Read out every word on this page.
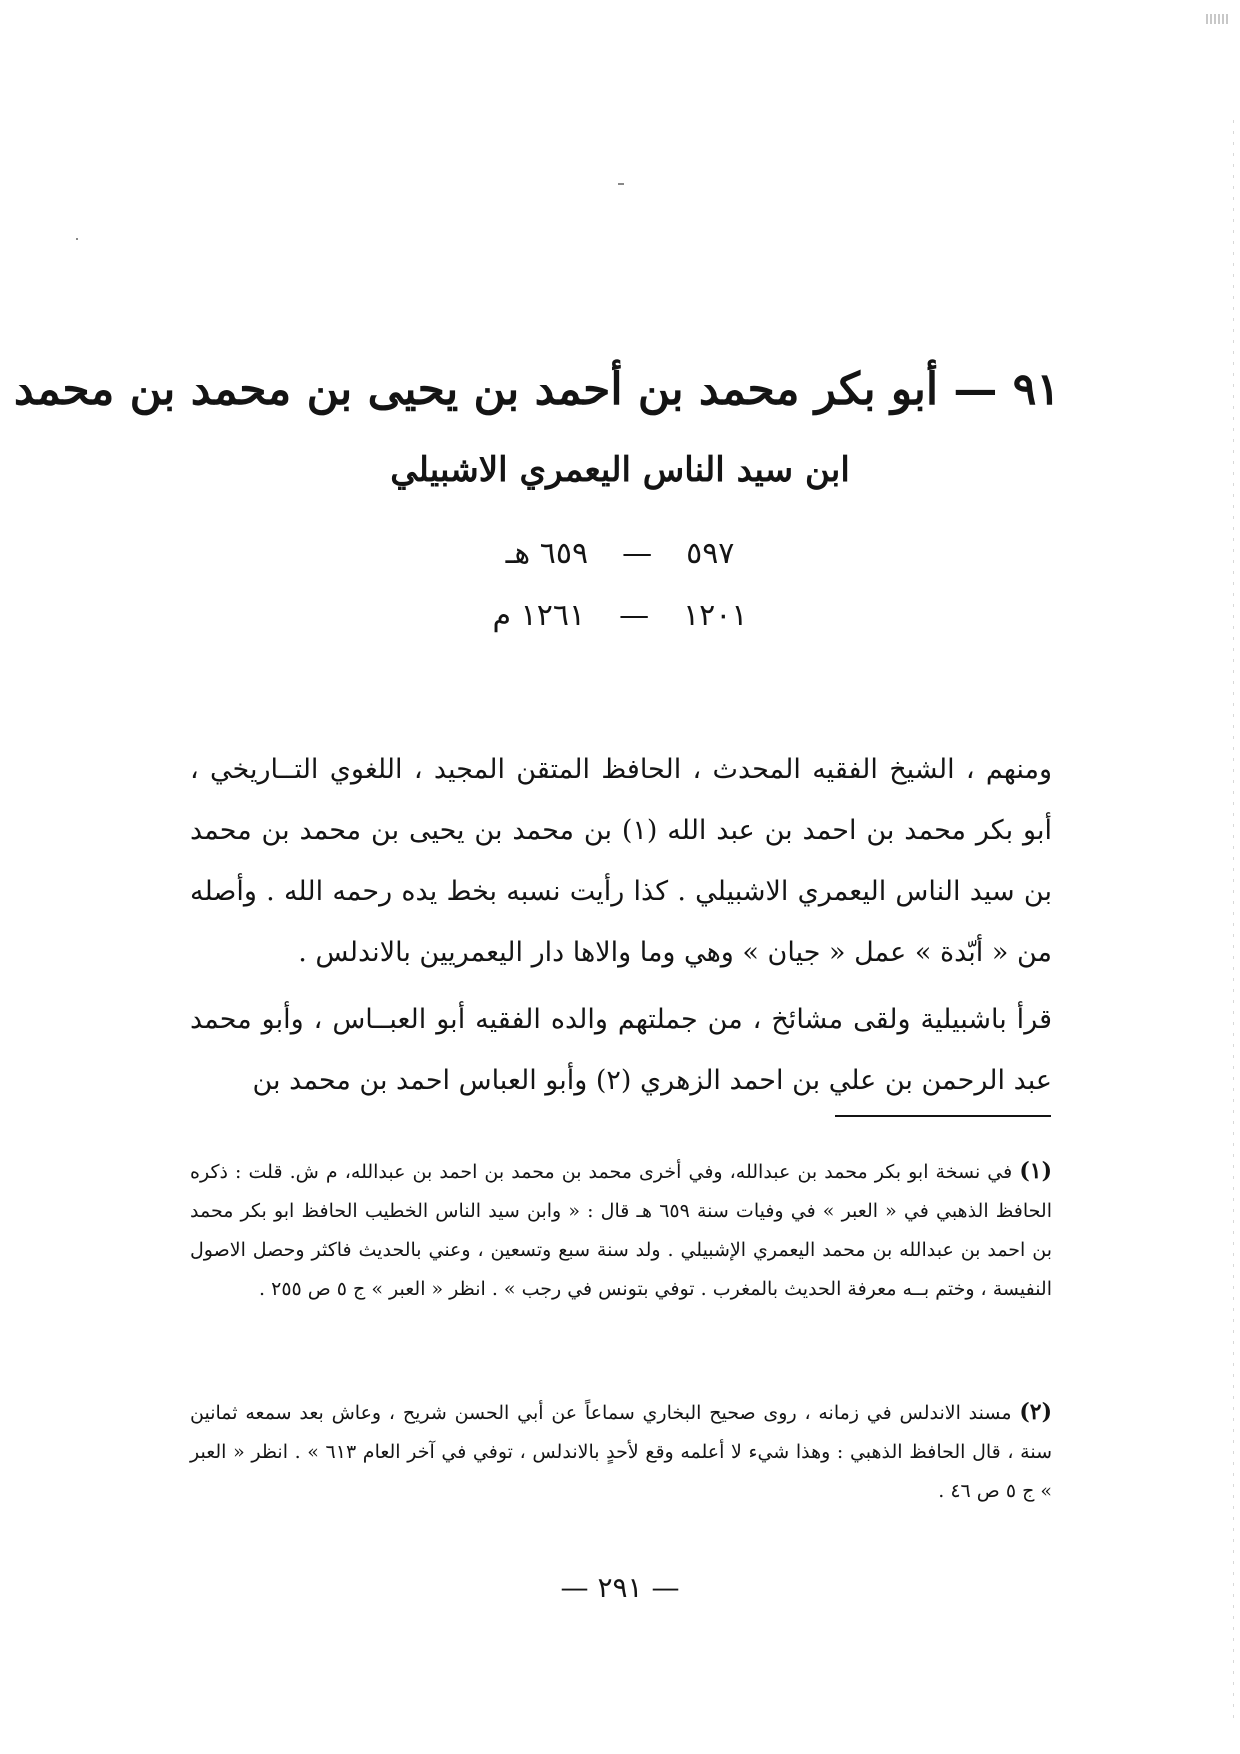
٩١ — أبو بكر محمد بن أحمد بن يحيى بن محمد بن محمد
ابن سيد الناس اليعمري الاشبيلي
٥٩٧
—
٦٥٩ هـ
١٢٠١
—
١٢٦١ م

ومنهم ، الشيخ الفقيه المحدث ، الحافظ المتقن المجيد ، اللغوي التــاريخي ، أبو بكر محمد بن احمد بن عبد الله (١) بن محمد بن يحيى بن محمد بن محمد بن سيد الناس اليعمري الاشبيلي . كذا رأيت نسبه بخط يده رحمه الله . وأصله من « أبّدة » عمل « جيان » وهي وما والاها دار اليعمريين بالاندلس .

قرأ باشبيلية ولقى مشائخ ، من جملتهم والده الفقيه أبو العبــاس ، وأبو محمد عبد الرحمن بن علي بن احمد الزهري (٢) وأبو العباس احمد بن محمد بن

(١) في نسخة ابو بكر محمد بن عبدالله، وفي أخرى محمد بن محمد بن احمد بن عبدالله، م ش. قلت : ذكره الحافظ الذهبي في « العبر » في وفيات سنة ٦٥٩ هـ قال : « وابن سيد الناس الخطيب الحافظ ابو بكر محمد بن احمد بن عبدالله بن محمد اليعمري الإشبيلي . ولد سنة سبع وتسعين ، وعني بالحديث فاكثر وحصل الاصول النفيسة ، وختم بــه معرفة الحديث بالمغرب . توفي بتونس في رجب » . انظر « العبر » ج ٥ ص ٢٥٥ .
(٢) مسند الاندلس في زمانه ، روى صحيح البخاري سماعاً عن أبي الحسن شريح ، وعاش بعد سمعه ثمانين سنة ، قال الحافظ الذهبي : وهذا شيء لا أعلمه وقع لأحدٍ بالاندلس ، توفي في آخر العام ٦١٣ » . انظر « العبر » ج ٥ ص ٤٦ .
— ٢٩١ —
